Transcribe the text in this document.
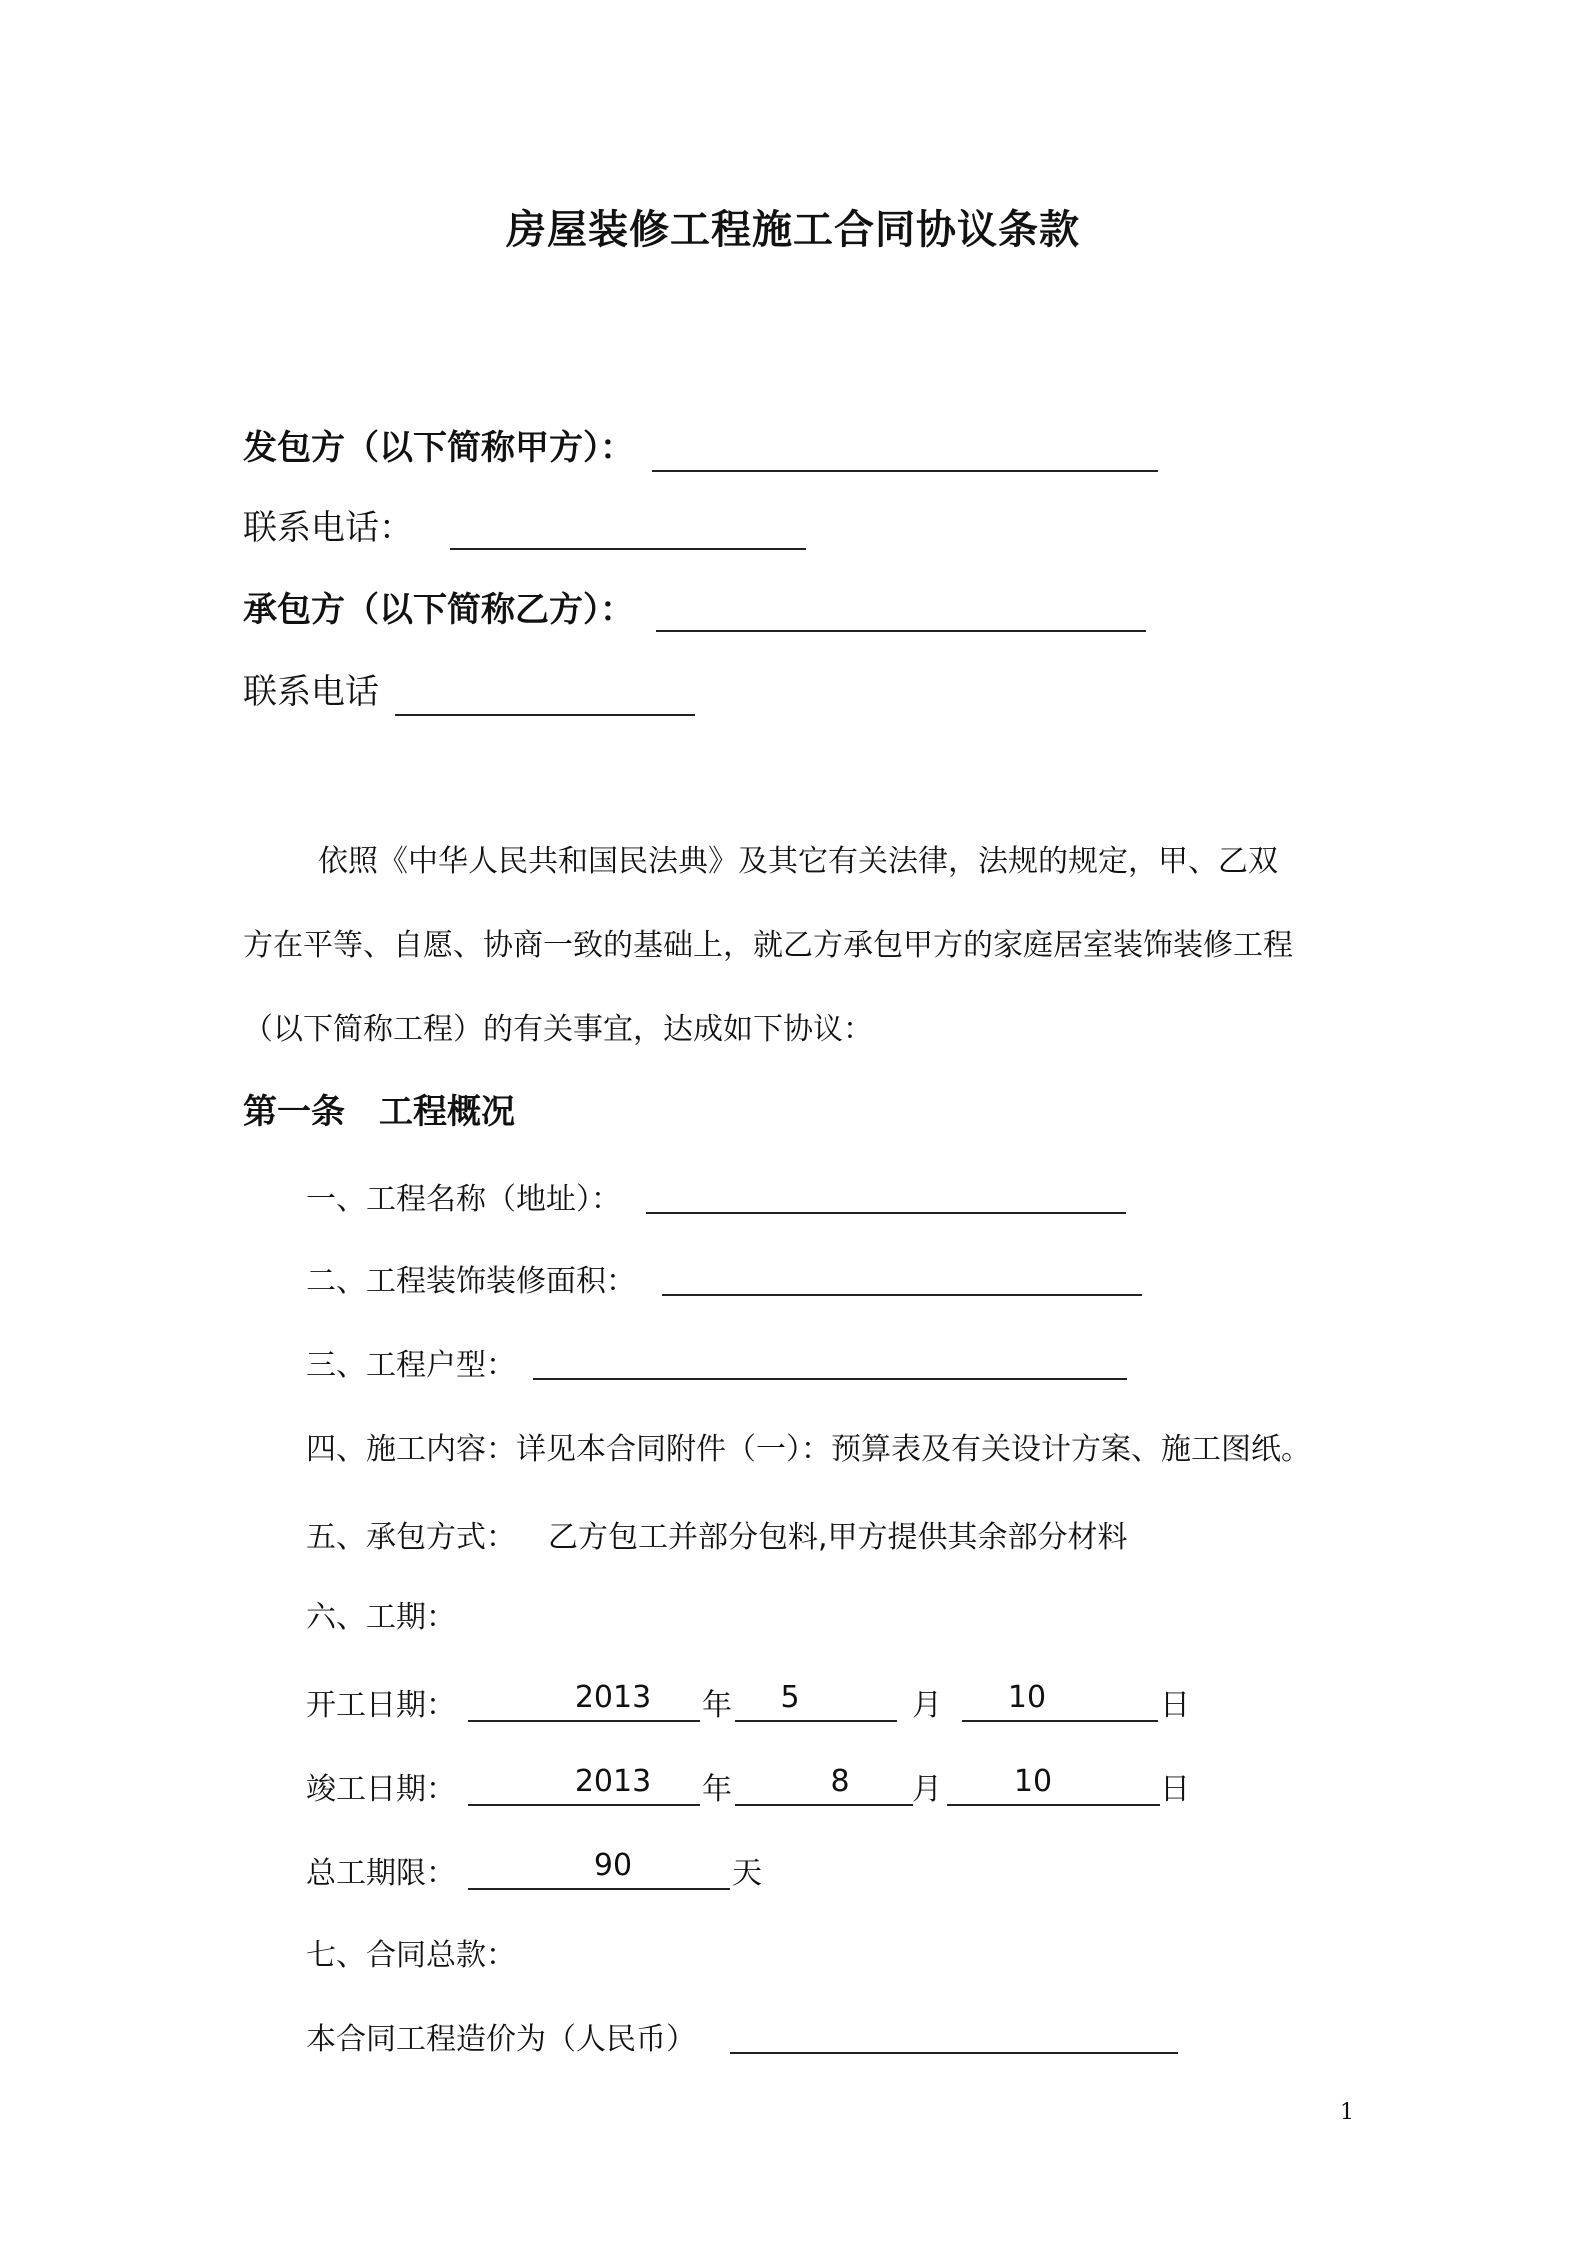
房屋装修工程施工合同协议条款
发包方（以下简称甲方）：
联系电话：
承包方（以下简称乙方）：
联系电话
依照《中华人民共和国民法典》及其它有关法律，法规的规定，甲、乙双
方在平等、自愿、协商一致的基础上，就乙方承包甲方的家庭居室装饰装修工程
（以下简称工程）的有关事宜，达成如下协议：
第一条　工程概况
一、工程名称（地址）：
二、工程装饰装修面积：
三、工程户型：
四、施工内容：详见本合同附件（一）：预算表及有关设计方案、施工图纸。
五、承包方式： 乙方包工并部分包料,甲方提供其余部分材料
六、工期：
开工日期：	2013	年	5	月	10	日
竣工日期：	2013	年	8	月	10	日
总工期限：	90	天
七、合同总款：
本合同工程造价为（人民币）
1
